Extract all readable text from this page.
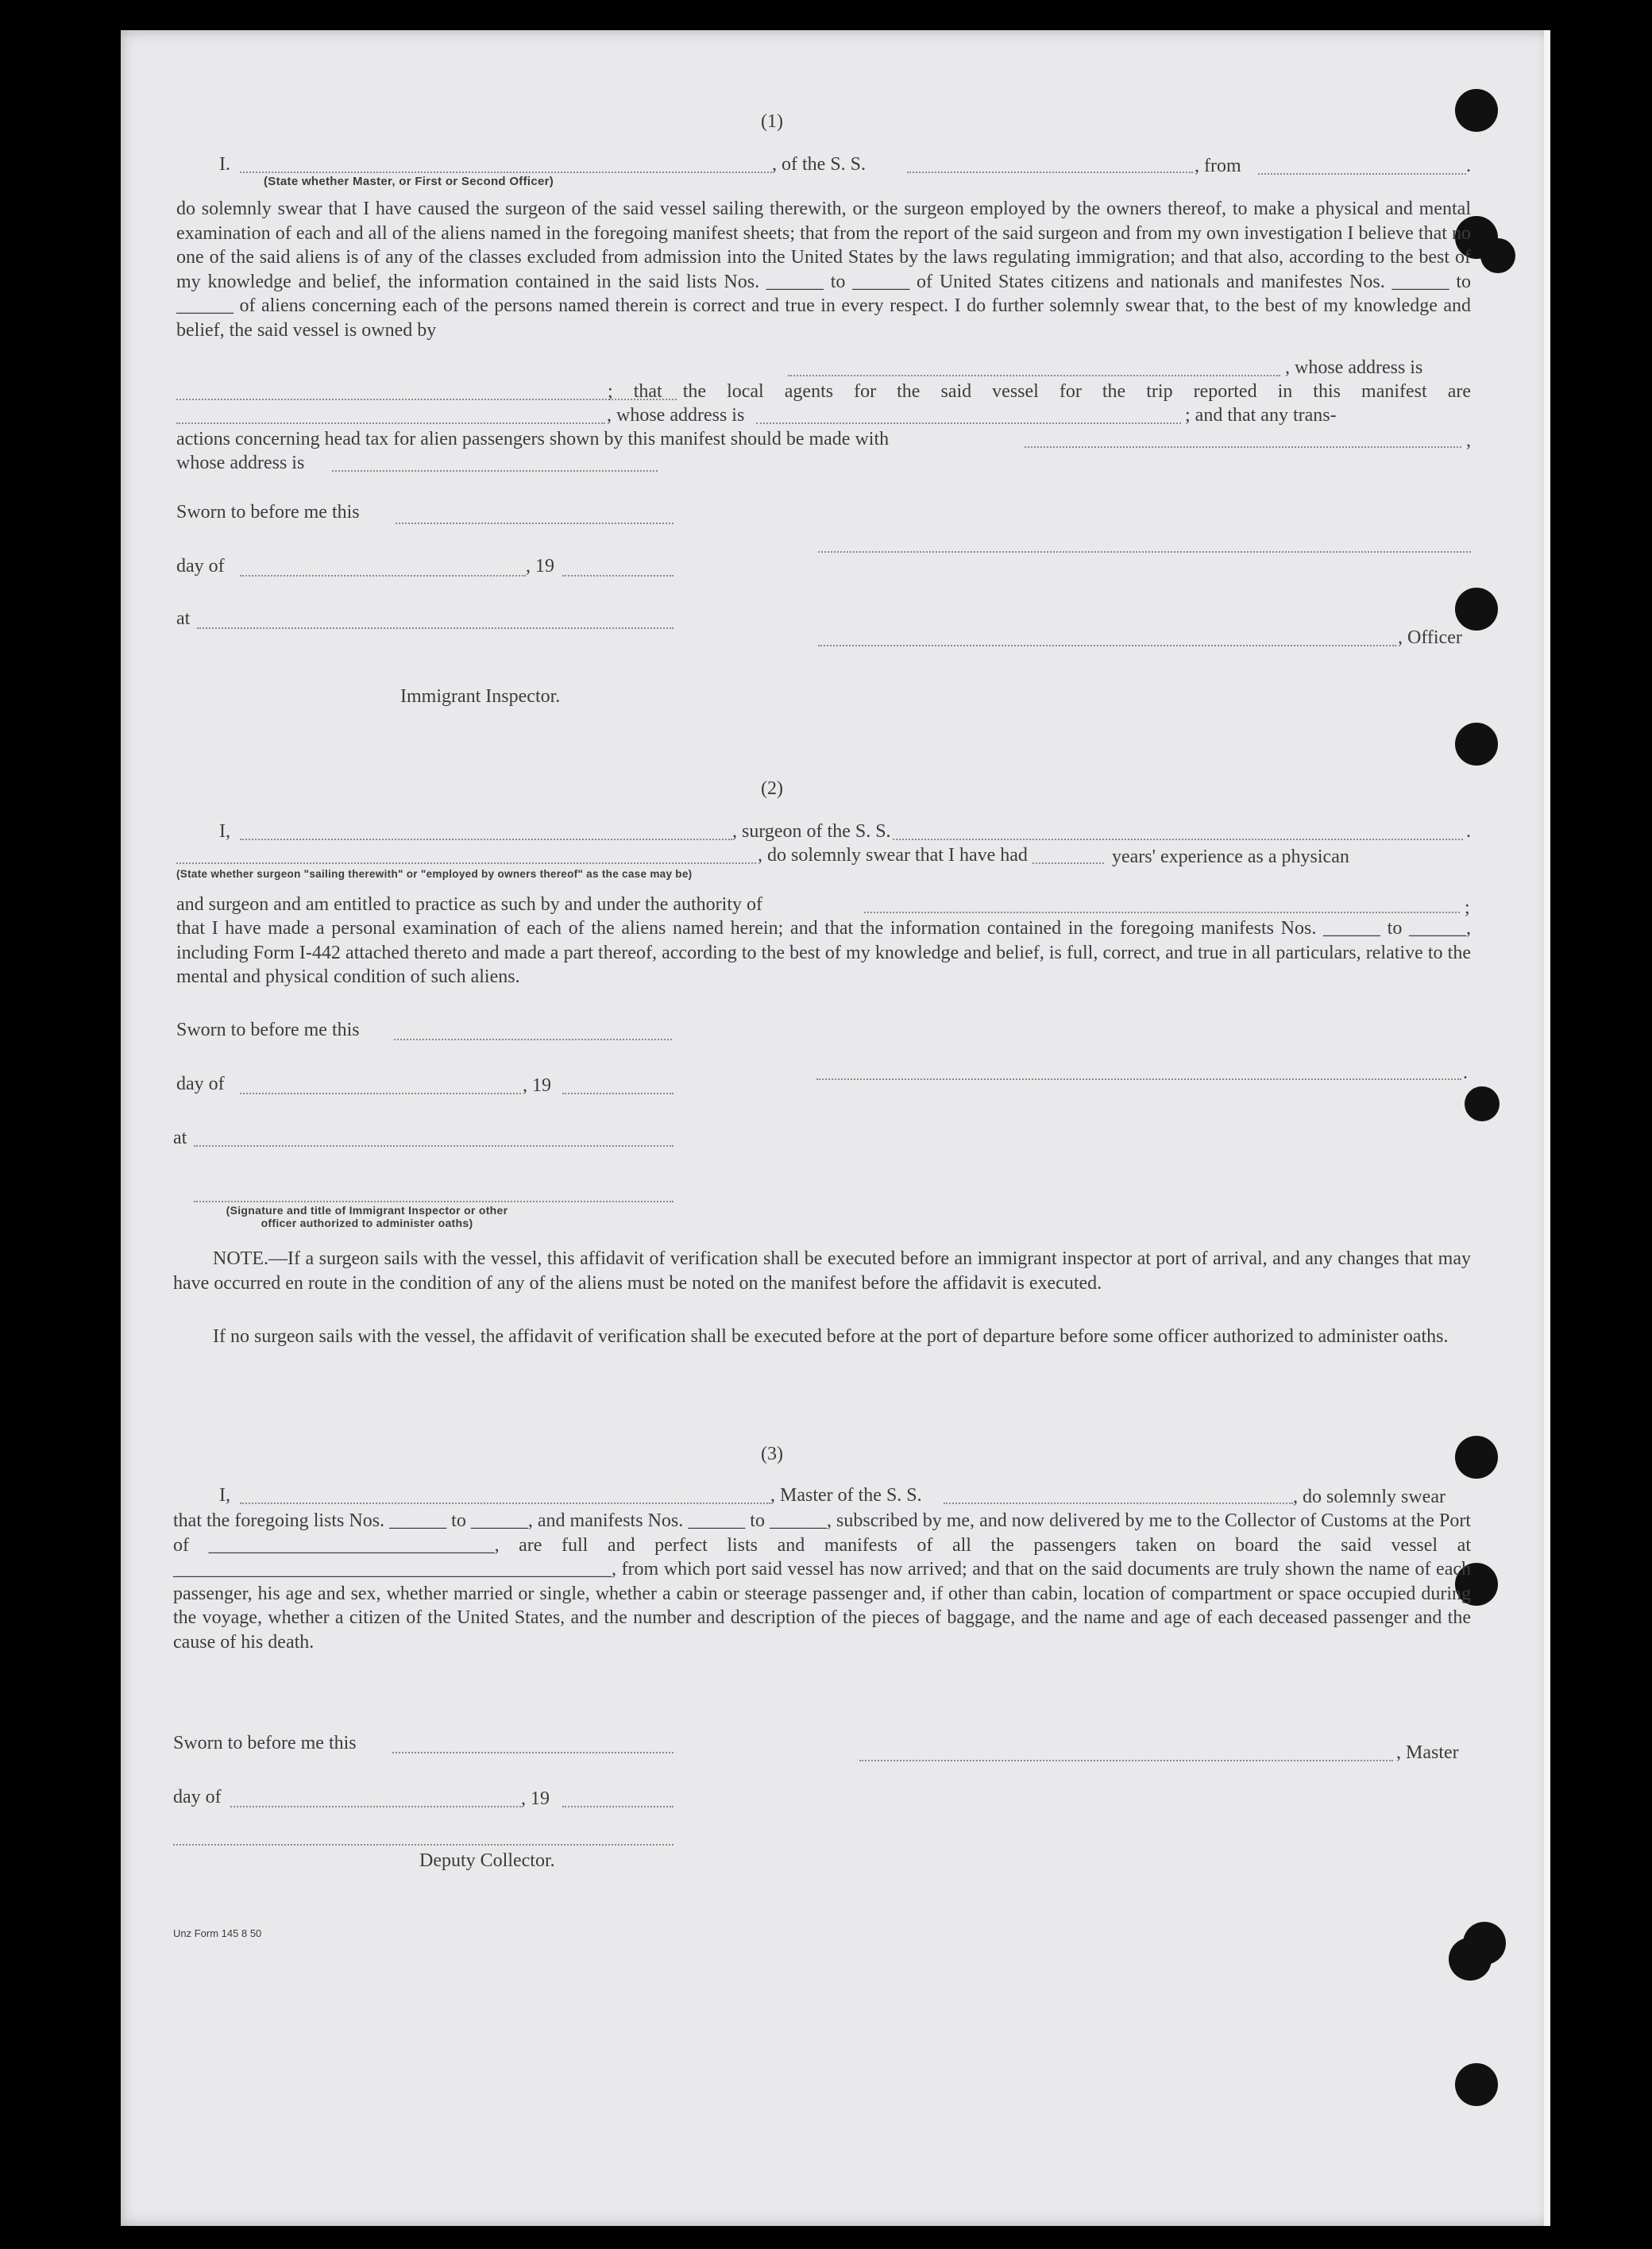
(1)
I.
(State whether Master, or First or Second Officer)
, of the S. S.	, from	.
do solemnly swear that I have caused the surgeon of the said vessel sailing therewith, or the surgeon employed by the owners thereof, to make a physical and mental examination of each and all of the aliens named in the foregoing manifest sheets; that from the report of the said surgeon and from my own investigation I believe that no one of the said aliens is of any of the classes excluded from admission into the United States by the laws regulating immigration; and that also, according to the best of my knowledge and belief, the information contained in the said lists Nos. ______ to ______ of United States citizens and nationals and manifestes Nos. ______ to ______ of aliens concerning each of the persons named therein is correct and true in every respect. I do further solemnly swear that, to the best of my knowledge and belief, the said vessel is owned by
, whose address is
; that the local agents for the said vessel for the trip reported in this manifest are
, whose address is	; and that any trans-
actions concerning head tax for alien passengers shown by this manifest should be made with	,
whose address is
Sworn to before me this
day of	, 19
at
, Officer
Immigrant Inspector.
(2)
I,	, surgeon of the S. S.	.
, do solemnly swear that I have had	years' experience as a physican
(State whether surgeon "sailing therewith" or "employed by owners thereof" as the case may be)
and surgeon and am entitled to practice as such by and under the authority of	;
that I have made a personal examination of each of the aliens named herein; and that the information contained in the foregoing manifests Nos. ______ to ______, including Form I-442 attached thereto and made a part thereof, according to the best of my knowledge and belief, is full, correct, and true in all particulars, relative to the mental and physical condition of such aliens.
Sworn to before me this
day of	, 19
.
at
(Signature and title of Immigrant Inspector or other
officer authorized to administer oaths)
NOTE.—If a surgeon sails with the vessel, this affidavit of verification shall be executed before an immigrant inspector at port of arrival, and any changes that may have occurred en route in the condition of any of the aliens must be noted on the manifest before the affidavit is executed.
If no surgeon sails with the vessel, the affidavit of verification shall be executed before at the port of departure before some officer authorized to administer oaths.
(3)
I,	, Master of the S. S.	, do solemnly swear
that the foregoing lists Nos. ______ to ______, and manifests Nos. ______ to ______, subscribed by me, and now delivered by me to the Collector of Customs at the Port of ______________________________, are full and perfect lists and manifests of all the passengers taken on board the said vessel at ______________________________________________, from which port said vessel has now arrived; and that on the said documents are truly shown the name of each passenger, his age and sex, whether married or single, whether a cabin or steerage passenger and, if other than cabin, location of compartment or space occupied during the voyage, whether a citizen of the United States, and the number and description of the pieces of baggage, and the name and age of each deceased passenger and the cause of his death.
Sworn to before me this	, Master
day of	, 19
Deputy Collector.
Unz Form 145 8 50
